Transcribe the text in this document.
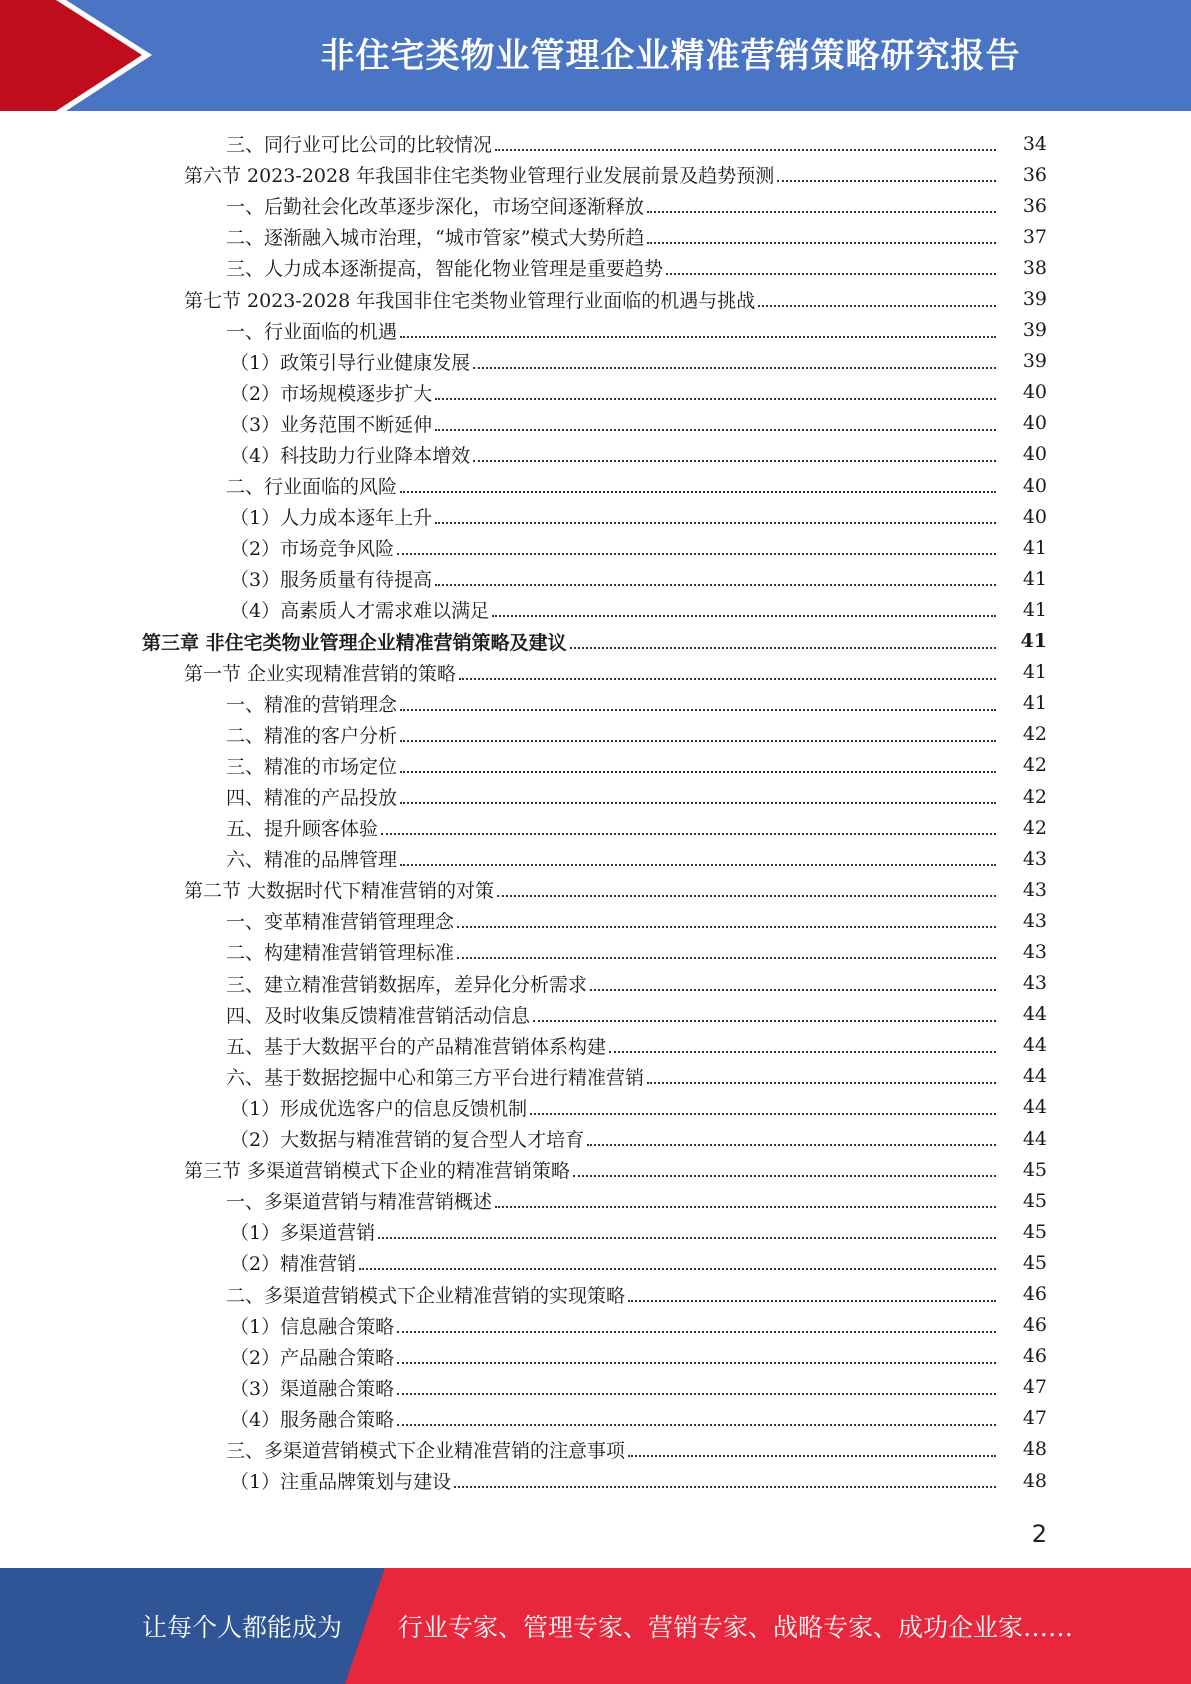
非住宅类物业管理企业精准营销策略研究报告
三、同行业可比公司的比较情况	34
第六节 2023-2028 年我国非住宅类物业管理行业发展前景及趋势预测	36
一、后勤社会化改革逐步深化，市场空间逐渐释放	36
二、逐渐融入城市治理，“城市管家”模式大势所趋	37
三、人力成本逐渐提高，智能化物业管理是重要趋势	38
第七节 2023-2028 年我国非住宅类物业管理行业面临的机遇与挑战	39
一、行业面临的机遇	39
（1）政策引导行业健康发展	39
（2）市场规模逐步扩大	40
（3）业务范围不断延伸	40
（4）科技助力行业降本增效	40
二、行业面临的风险	40
（1）人力成本逐年上升	40
（2）市场竞争风险	41
（3）服务质量有待提高	41
（4）高素质人才需求难以满足	41
第三章 非住宅类物业管理企业精准营销策略及建议	41
第一节 企业实现精准营销的策略	41
一、精准的营销理念	41
二、精准的客户分析	42
三、精准的市场定位	42
四、精准的产品投放	42
五、提升顾客体验	42
六、精准的品牌管理	43
第二节 大数据时代下精准营销的对策	43
一、变革精准营销管理理念	43
二、构建精准营销管理标准	43
三、建立精准营销数据库，差异化分析需求	43
四、及时收集反馈精准营销活动信息	44
五、基于大数据平台的产品精准营销体系构建	44
六、基于数据挖掘中心和第三方平台进行精准营销	44
（1）形成优选客户的信息反馈机制	44
（2）大数据与精准营销的复合型人才培育	44
第三节 多渠道营销模式下企业的精准营销策略	45
一、多渠道营销与精准营销概述	45
（1）多渠道营销	45
（2）精准营销	45
二、多渠道营销模式下企业精准营销的实现策略	46
（1）信息融合策略	46
（2）产品融合策略	46
（3）渠道融合策略	47
（4）服务融合策略	47
三、多渠道营销模式下企业精准营销的注意事项	48
（1）注重品牌策划与建设	48
2
让每个人都能成为 行业专家、管理专家、营销专家、战略专家、成功企业家……
